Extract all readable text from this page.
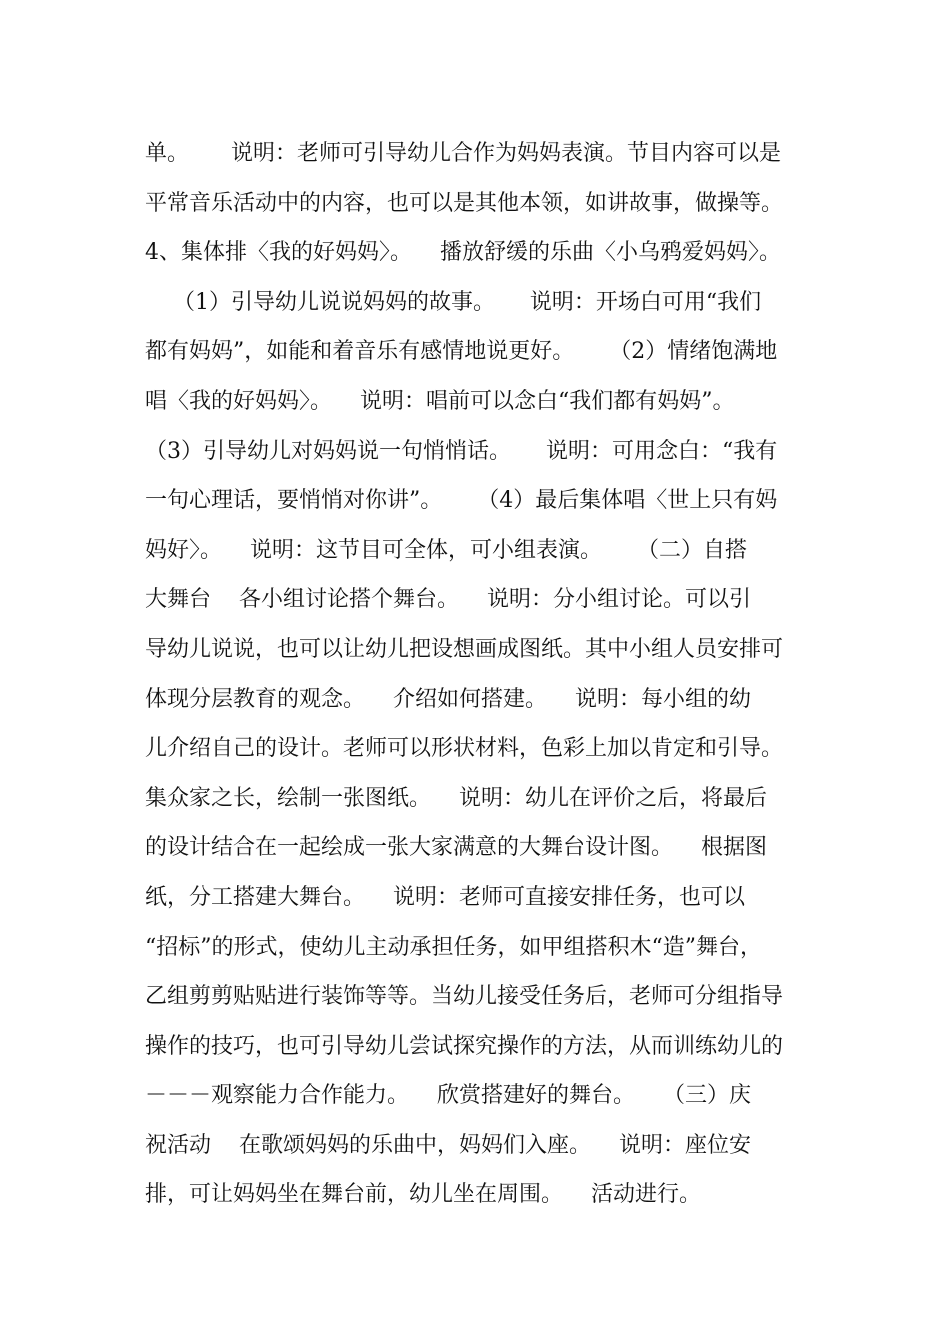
单。      说明：老师可引导幼儿合作为妈妈表演。节目内容可以是
平常音乐活动中的内容，也可以是其他本领，如讲故事，做操等。
4、集体排〈我的好妈妈〉。    播放舒缓的乐曲〈小乌鸦爱妈妈〉。
（1）引导幼儿说说妈妈的故事。     说明：开场白可用“我们
都有妈妈”，如能和着音乐有感情地说更好。     （2）情绪饱满地
唱〈我的好妈妈〉。    说明：唱前可以念白“我们都有妈妈”。
（3）引导幼儿对妈妈说一句悄悄话。     说明：可用念白：“我有
一句心理话，要悄悄对你讲”。     （4）最后集体唱〈世上只有妈
妈好〉。    说明：这节目可全体，可小组表演。     （二）自搭
大舞台    各小组讨论搭个舞台。    说明：分小组讨论。可以引
导幼儿说说，也可以让幼儿把设想画成图纸。其中小组人员安排可
体现分层教育的观念。    介绍如何搭建。    说明：每小组的幼
儿介绍自己的设计。老师可以形状材料，色彩上加以肯定和引导。
集众家之长，绘制一张图纸。    说明：幼儿在评价之后，将最后
的设计结合在一起绘成一张大家满意的大舞台设计图。    根据图
纸，分工搭建大舞台。    说明：老师可直接安排任务，也可以
“招标”的形式，使幼儿主动承担任务，如甲组搭积木“造”舞台，
乙组剪剪贴贴进行装饰等等。当幼儿接受任务后，老师可分组指导
操作的技巧，也可引导幼儿尝试探究操作的方法，从而训练幼儿的
－－－观察能力合作能力。    欣赏搭建好的舞台。    （三）庆
祝活动    在歌颂妈妈的乐曲中，妈妈们入座。    说明：座位安
排，可让妈妈坐在舞台前，幼儿坐在周围。    活动进行。
